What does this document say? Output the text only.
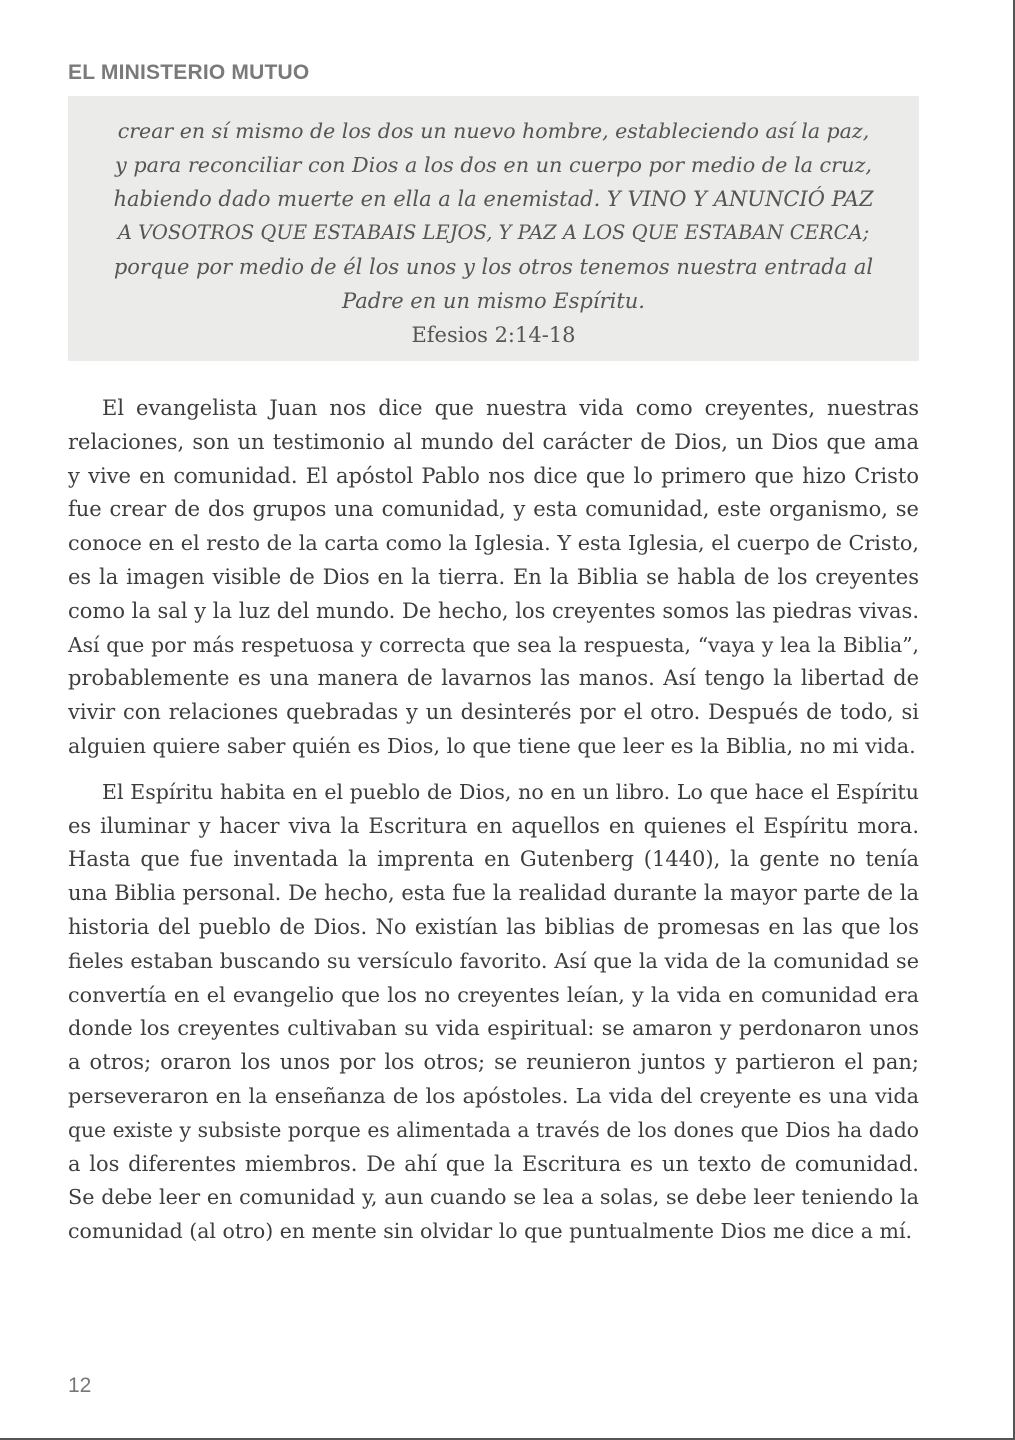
EL MINISTERIO MUTUO
crear en sí mismo de los dos un nuevo hombre, estableciendo así la paz,
y para reconciliar con Dios a los dos en un cuerpo por medio de la cruz,
habiendo dado muerte en ella a la enemistad. Y VINO Y ANUNCIÓ PAZ
A VOSOTROS QUE ESTABAIS LEJOS, Y PAZ A LOS QUE ESTABAN CERCA;
porque por medio de él los unos y los otros tenemos nuestra entrada al
Padre en un mismo Espíritu.
Efesios 2:14-18
El evangelista Juan nos dice que nuestra vida como creyentes, nuestras
relaciones, son un testimonio al mundo del carácter de Dios, un Dios que ama
y vive en comunidad. El apóstol Pablo nos dice que lo primero que hizo Cristo
fue crear de dos grupos una comunidad, y esta comunidad, este organismo, se
conoce en el resto de la carta como la Iglesia. Y esta Iglesia, el cuerpo de Cristo,
es la imagen visible de Dios en la tierra. En la Biblia se habla de los creyentes
como la sal y la luz del mundo. De hecho, los creyentes somos las piedras vivas.
Así que por más respetuosa y correcta que sea la respuesta, “vaya y lea la Biblia”,
probablemente es una manera de lavarnos las manos. Así tengo la libertad de
vivir con relaciones quebradas y un desinterés por el otro. Después de todo, si
alguien quiere saber quién es Dios, lo que tiene que leer es la Biblia, no mi vida.
El Espíritu habita en el pueblo de Dios, no en un libro. Lo que hace el Espíritu
es iluminar y hacer viva la Escritura en aquellos en quienes el Espíritu mora.
Hasta que fue inventada la imprenta en Gutenberg (1440), la gente no tenía
una Biblia personal. De hecho, esta fue la realidad durante la mayor parte de la
historia del pueblo de Dios. No existían las biblias de promesas en las que los
fieles estaban buscando su versículo favorito. Así que la vida de la comunidad se
convertía en el evangelio que los no creyentes leían, y la vida en comunidad era
donde los creyentes cultivaban su vida espiritual: se amaron y perdonaron unos
a otros; oraron los unos por los otros; se reunieron juntos y partieron el pan;
perseveraron en la enseñanza de los apóstoles. La vida del creyente es una vida
que existe y subsiste porque es alimentada a través de los dones que Dios ha dado
a los diferentes miembros. De ahí que la Escritura es un texto de comunidad.
Se debe leer en comunidad y, aun cuando se lea a solas, se debe leer teniendo la
comunidad (al otro) en mente sin olvidar lo que puntualmente Dios me dice a mí.
12
